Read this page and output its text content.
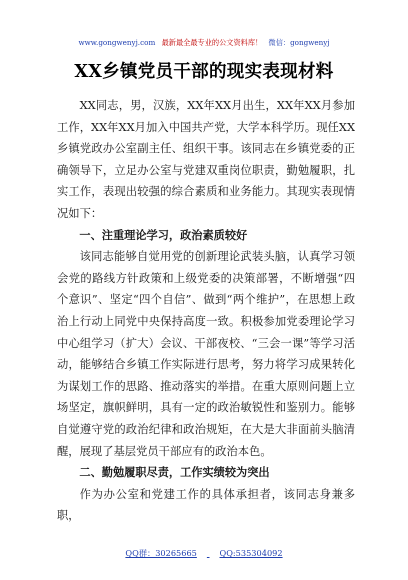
www.gongwenyj.com 最新最全最专业的公文资料库！ 微信：gongwenyj
XX乡镇党员干部的现实表现材料

XX同志，男，汉族，XX年XX月出生，XX年XX月参加工作，XX年XX月加入中国共产党，大学本科学历。现任XX乡镇党政办公室副主任、组织干事。该同志在乡镇党委的正确领导下，立足办公室与党建双重岗位职责，勤勉履职，扎实工作，表现出较强的综合素质和业务能力。其现实表现情况如下：

一、注重理论学习，政治素质较好

该同志能够自觉用党的创新理论武装头脑，认真学习领会党的路线方针政策和上级党委的决策部署，不断增强“四个意识”、坚定“四个自信”、做到“两个维护”，在思想上政治上行动上同党中央保持高度一致。积极参加党委理论学习中心组学习（扩大）会议、干部夜校、“三会一课”等学习活动，能够结合乡镇工作实际进行思考，努力将学习成果转化为谋划工作的思路、推动落实的举措。在重大原则问题上立场坚定，旗帜鲜明，具有一定的政治敏锐性和鉴别力。能够自觉遵守党的政治纪律和政治规矩，在大是大非面前头脑清醒，展现了基层党员干部应有的政治本色。

二、勤勉履职尽责，工作实绩较为突出

作为办公室和党建工作的具体承担者，该同志身兼多职，

QQ群：30265665	QQ:535304092
